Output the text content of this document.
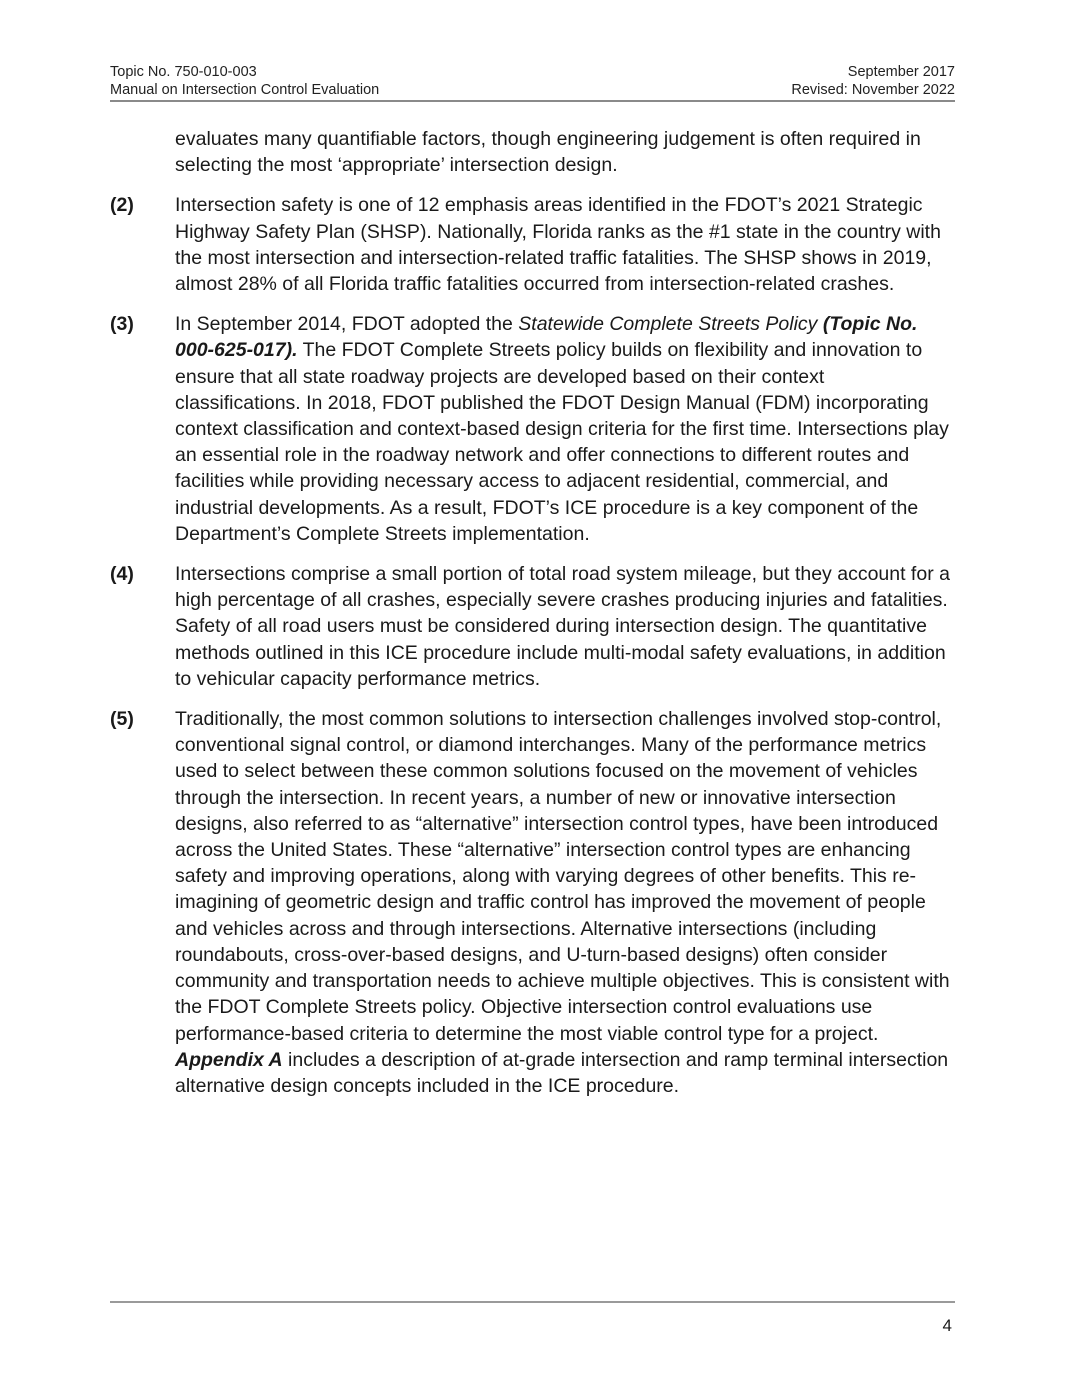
Topic No. 750-010-003
Manual on Intersection Control Evaluation
September 2017
Revised: November 2022
evaluates many quantifiable factors, though engineering judgement is often required in selecting the most ‘appropriate’ intersection design.
(2) Intersection safety is one of 12 emphasis areas identified in the FDOT’s 2021 Strategic Highway Safety Plan (SHSP). Nationally, Florida ranks as the #1 state in the country with the most intersection and intersection-related traffic fatalities. The SHSP shows in 2019, almost 28% of all Florida traffic fatalities occurred from intersection-related crashes.
(3) In September 2014, FDOT adopted the Statewide Complete Streets Policy (Topic No. 000-625-017). The FDOT Complete Streets policy builds on flexibility and innovation to ensure that all state roadway projects are developed based on their context classifications. In 2018, FDOT published the FDOT Design Manual (FDM) incorporating context classification and context-based design criteria for the first time. Intersections play an essential role in the roadway network and offer connections to different routes and facilities while providing necessary access to adjacent residential, commercial, and industrial developments. As a result, FDOT’s ICE procedure is a key component of the Department’s Complete Streets implementation.
(4) Intersections comprise a small portion of total road system mileage, but they account for a high percentage of all crashes, especially severe crashes producing injuries and fatalities. Safety of all road users must be considered during intersection design. The quantitative methods outlined in this ICE procedure include multi-modal safety evaluations, in addition to vehicular capacity performance metrics.
(5) Traditionally, the most common solutions to intersection challenges involved stop-control, conventional signal control, or diamond interchanges. Many of the performance metrics used to select between these common solutions focused on the movement of vehicles through the intersection. In recent years, a number of new or innovative intersection designs, also referred to as “alternative” intersection control types, have been introduced across the United States. These “alternative” intersection control types are enhancing safety and improving operations, along with varying degrees of other benefits. This re-imagining of geometric design and traffic control has improved the movement of people and vehicles across and through intersections. Alternative intersections (including roundabouts, cross-over-based designs, and U-turn-based designs) often consider community and transportation needs to achieve multiple objectives. This is consistent with the FDOT Complete Streets policy. Objective intersection control evaluations use performance-based criteria to determine the most viable control type for a project. Appendix A includes a description of at-grade intersection and ramp terminal intersection alternative design concepts included in the ICE procedure.
4
